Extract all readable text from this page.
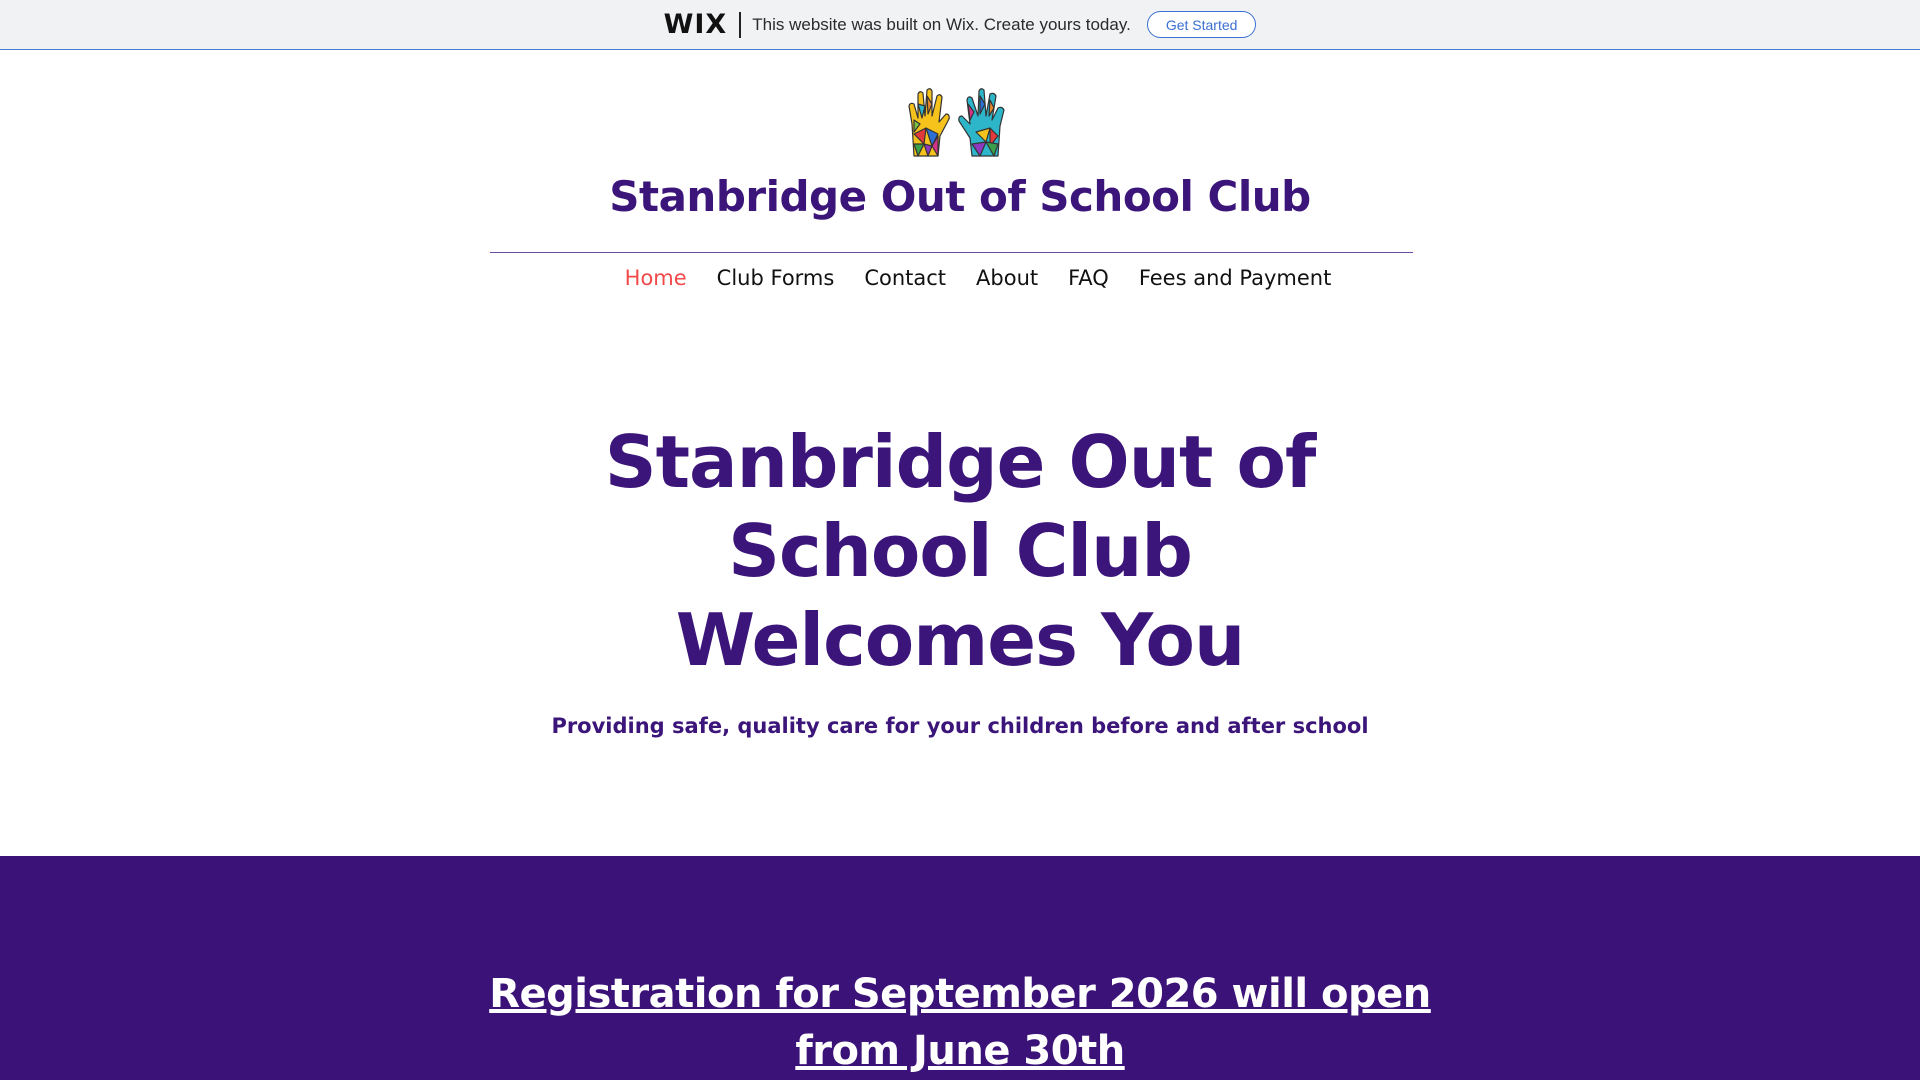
WIX This website was built on Wix. Create yours today.	Get Started
Stanbridge Out of School Club
Home	Club Forms	Contact	About	FAQ	Fees and Payment
Stanbridge Out of
School Club
Welcomes You
Providing safe, quality care for your children before and after school
Registration for September 2026 will open
from June 30th
